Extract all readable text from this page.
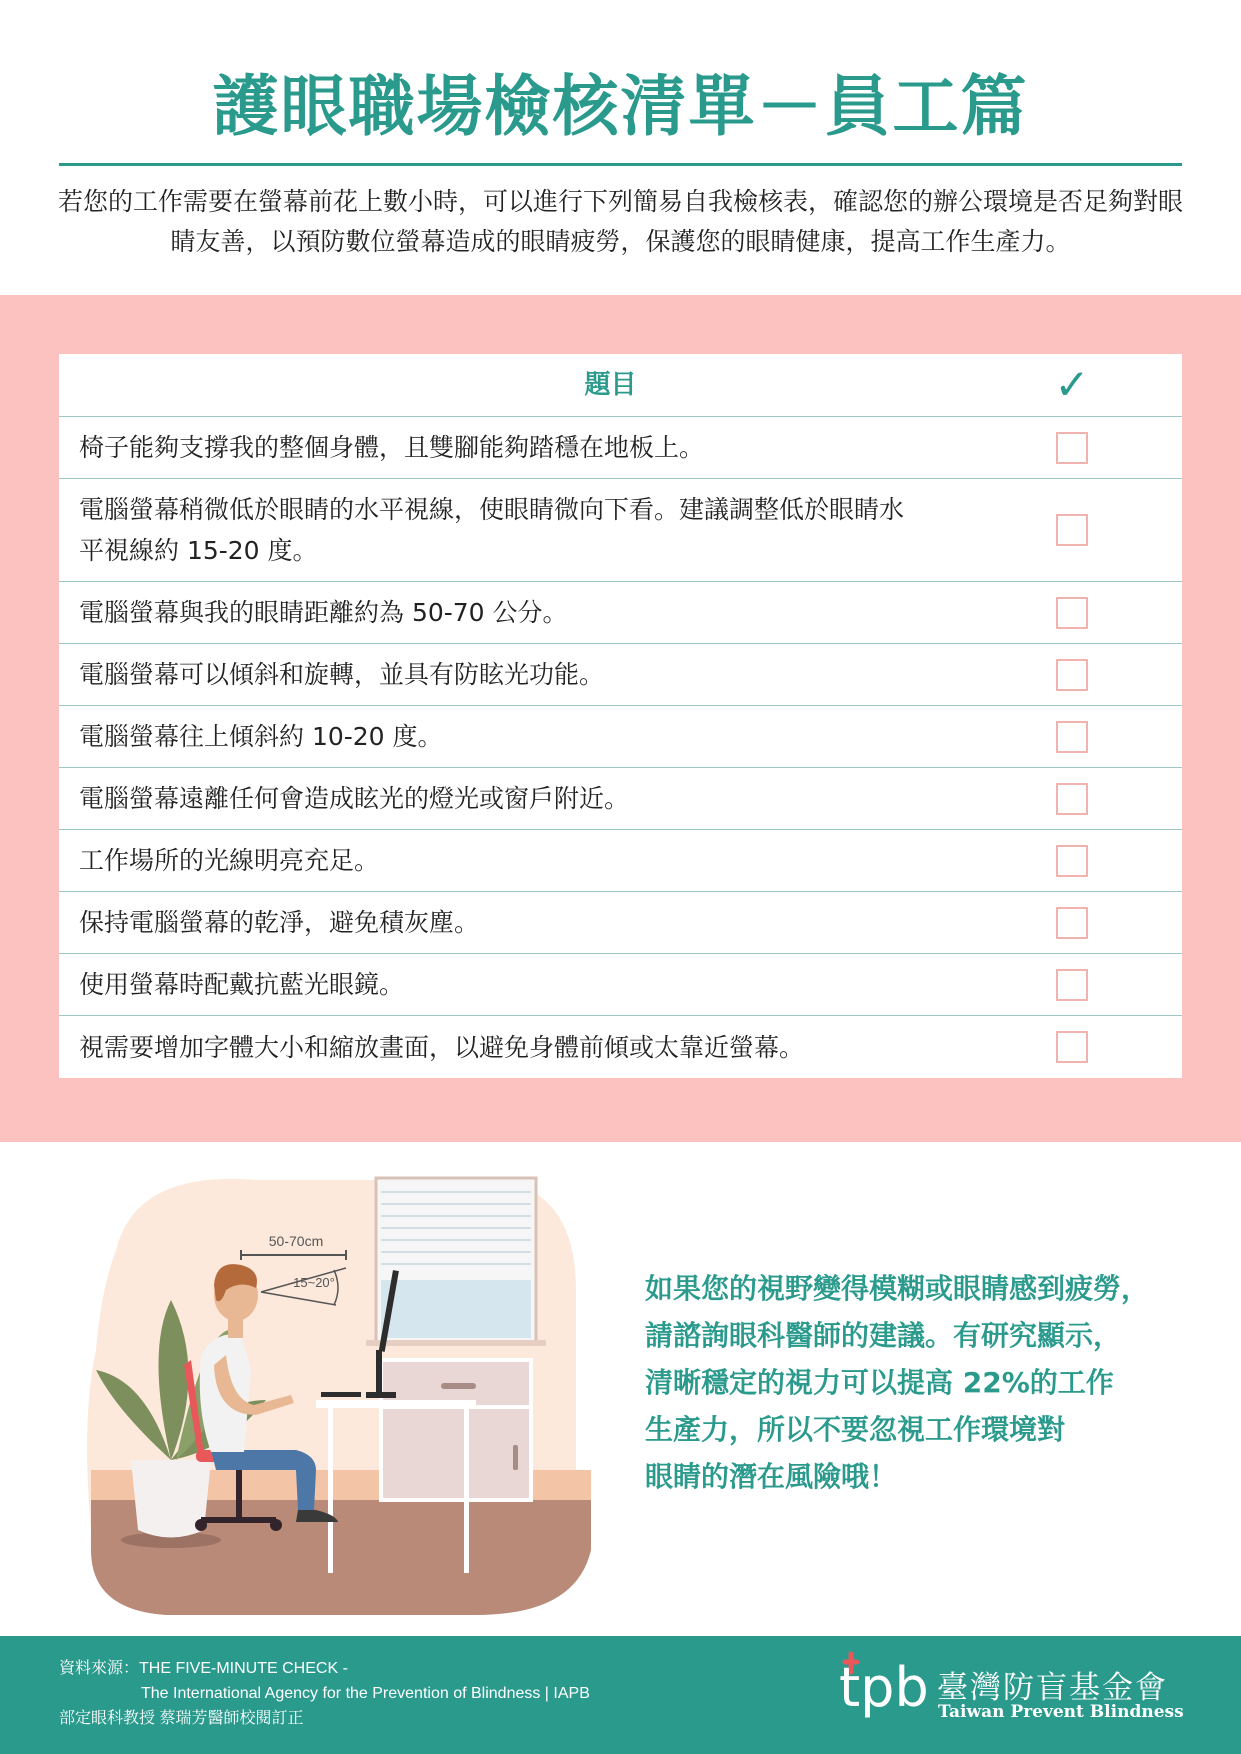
護眼職場檢核清單－員工篇
若您的工作需要在螢幕前花上數小時，可以進行下列簡易自我檢核表，確認您的辦公環境是否足夠對眼睛友善，以預防數位螢幕造成的眼睛疲勞，保護您的眼睛健康，提高工作生產力。
題目	✓
椅子能夠支撐我的整個身體，且雙腳能夠踏穩在地板上。
電腦螢幕稍微低於眼睛的水平視線，使眼睛微向下看。建議調整低於眼睛水平視線約 15-20 度。
電腦螢幕與我的眼睛距離約為 50-70 公分。
電腦螢幕可以傾斜和旋轉，並具有防眩光功能。
電腦螢幕往上傾斜約 10-20 度。
電腦螢幕遠離任何會造成眩光的燈光或窗戶附近。
工作場所的光線明亮充足。
保持電腦螢幕的乾淨，避免積灰塵。
使用螢幕時配戴抗藍光眼鏡。
視需要增加字體大小和縮放畫面，以避免身體前傾或太靠近螢幕。
50-70cm
15~20°	如果您的視野變得模糊或眼睛感到疲勞，
請諮詢眼科醫師的建議。有研究顯示，
清晰穩定的視力可以提高 22%的工作
生產力，所以不要忽視工作環境對
眼睛的潛在風險哦！
資料來源：THE FIVE-MINUTE CHECK -
The International Agency for the Prevention of Blindness | IAPB
部定眼科教授 蔡瑞芳醫師校閱訂正	tpb 臺灣防盲基金會
Taiwan Prevent Blindness
